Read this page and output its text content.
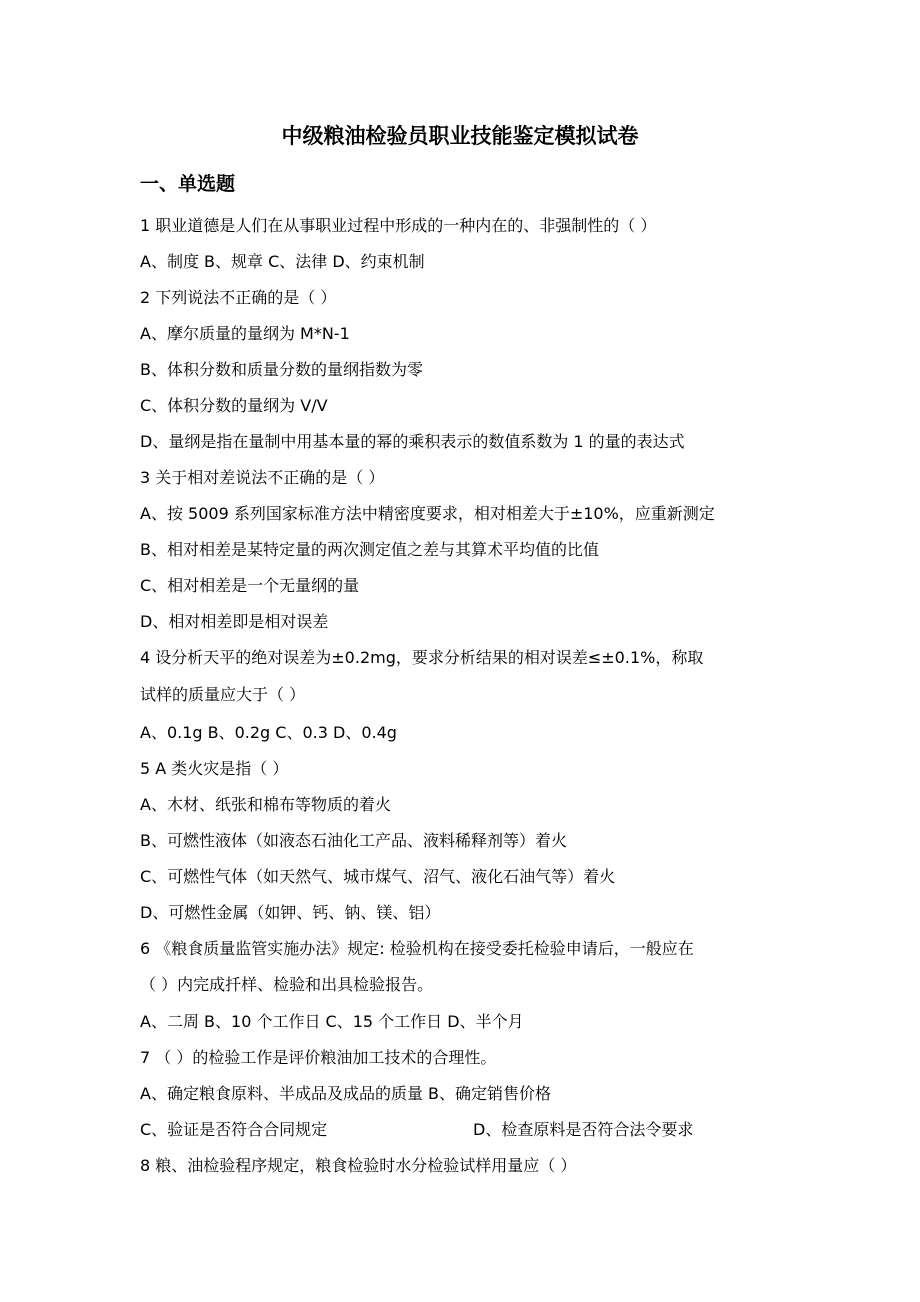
中级粮油检验员职业技能鉴定模拟试卷
一、单选题
1 职业道德是人们在从事职业过程中形成的一种内在的、非强制性的（ ）
A、制度 B、规章 C、法律 D、约束机制
2 下列说法不正确的是（ ）
A、摩尔质量的量纲为 M*N-1
B、体积分数和质量分数的量纲指数为零
C、体积分数的量纲为 V/V
D、量纲是指在量制中用基本量的幂的乘积表示的数值系数为 1 的量的表达式
3 关于相对差说法不正确的是（ ）
A、按 5009 系列国家标准方法中精密度要求，相对相差大于±10%，应重新测定
B、相对相差是某特定量的两次测定值之差与其算术平均值的比值
C、相对相差是一个无量纲的量
D、相对相差即是相对误差
4 设分析天平的绝对误差为±0.2mg，要求分析结果的相对误差≤±0.1%，称取
试样的质量应大于（ ）
A、0.1g B、0.2g C、0.3 D、0.4g
5 A 类火灾是指（ ）
A、木材、纸张和棉布等物质的着火
B、可燃性液体（如液态石油化工产品、液料稀释剂等）着火
C、可燃性气体（如天然气、城市煤气、沼气、液化石油气等）着火
D、可燃性金属（如钾、钙、钠、镁、铝）
6 《粮食质量监管实施办法》规定: 检验机构在接受委托检验申请后，一般应在
（ ）内完成扦样、检验和出具检验报告。
A、二周 B、10 个工作日 C、15 个工作日 D、半个月
7 （ ）的检验工作是评价粮油加工技术的合理性。
A、确定粮食原料、半成品及成品的质量 B、确定销售价格
C、验证是否符合合同规定	D、检查原料是否符合法令要求
8 粮、油检验程序规定，粮食检验时水分检验试样用量应（ ）
